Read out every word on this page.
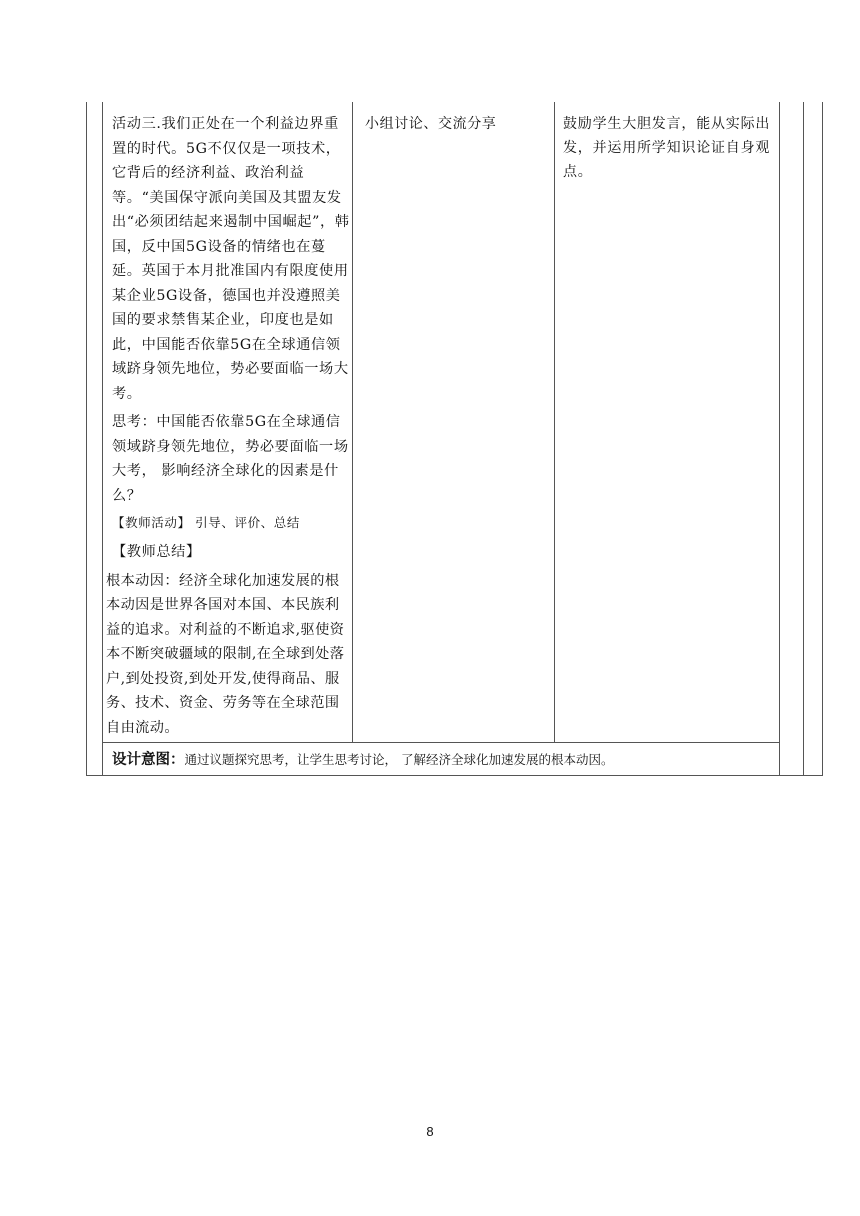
活动三.我们正处在一个利益边界重置的时代。5G不仅仅是一项技术，它背后的经济利益、政治利益等。“美国保守派向美国及其盟友发出“必须团结起来遏制中国崛起”，韩国，反中国5G设备的情绪也在蔓延。英国于本月批准国内有限度使用某企业5G设备，德国也并没遵照美国的要求禁售某企业，印度也是如此，中国能否依靠5G在全球通信领域跻身领先地位，势必要面临一场大考。

思考：中国能否依靠5G在全球通信领域跻身领先地位，势必要面临一场大考， 影响经济全球化的因素是什么？

【教师活动】 引导、评价、总结

【教师总结】

根本动因：经济全球化加速发展的根本动因是世界各国对本国、本民族利益的追求。对利益的不断追求,驱使资本不断突破疆域的限制,在全球到处落户,到处投资,到处开发,使得商品、服务、技术、资金、劳务等在全球范围自由流动。

小组讨论、交流分享	鼓励学生大胆发言，能从实际出发，并运用所学知识论证自身观点。
设计意图：通过议题探究思考，让学生思考讨论， 了解经济全球化加速发展的根本动因。
8
